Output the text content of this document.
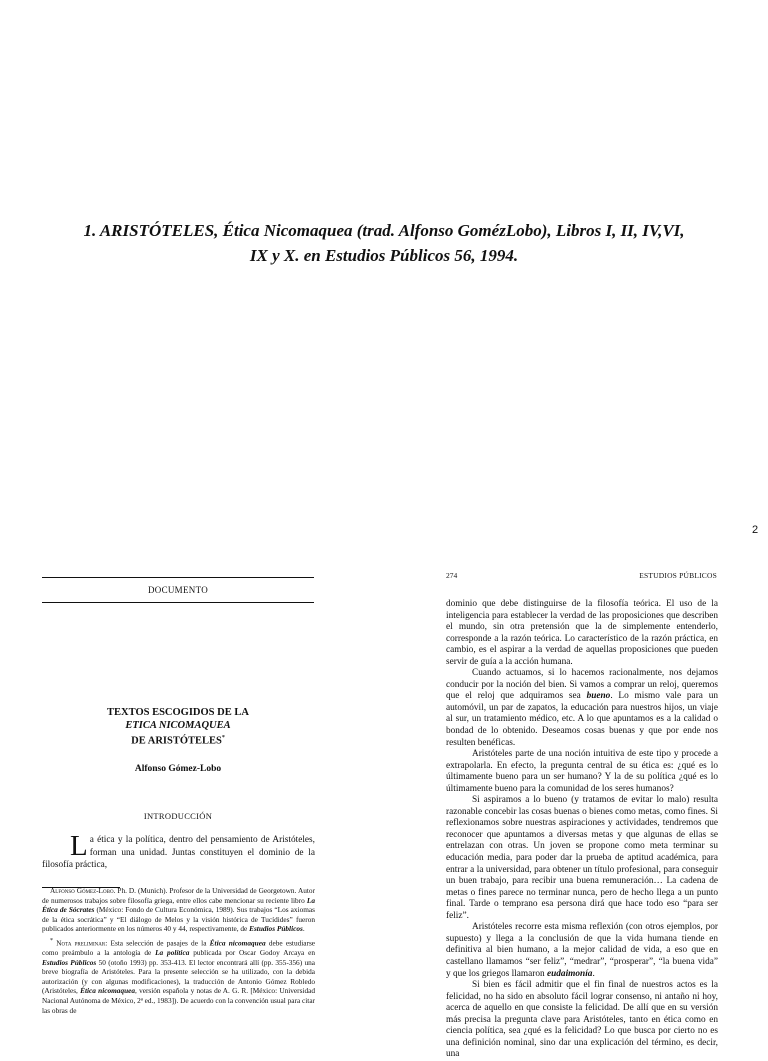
1. ARISTÓTELES, Ética Nicomaquea (trad. Alfonso GomézLobo), Libros I, II, IV,VI,
IX y X. en Estudios Públicos 56, 1994.
2
DOCUMENTO
TEXTOS ESCOGIDOS DE LA
ETICA NICOMAQUEA
DE ARISTÓTELES*
Alfonso Gómez-Lobo
INTRODUCCIÓN
La ética y la política, dentro del pensamiento de Aristóteles, forman una unidad. Juntas constituyen el dominio de la filosofía práctica,

Alfonso Gómez-Lobo. Ph. D. (Munich). Profesor de la Universidad de Georgetown. Autor de numerosos trabajos sobre filosofía griega, entre ellos cabe mencionar su reciente libro La Ética de Sócrates (México: Fondo de Cultura Económica, 1989). Sus trabajos “Los axiomas de la ética socrática” y “El diálogo de Melos y la visión histórica de Tucídides” fueron publicados anteriormente en los números 40 y 44, respectivamente, de Estudios Públicos.

* Nota preliminar: Esta selección de pasajes de la Ética nicomaquea debe estudiarse como preámbulo a la antología de La política publicada por Oscar Godoy Arcaya en Estudios Públicos 50 (otoño 1993) pp. 353-413. El lector encontrará allí (pp. 355-356) una breve biografía de Aristóteles. Para la presente selección se ha utilizado, con la debida autorización (y con algunas modificaciones), la traducción de Antonio Gómez Robledo (Aristóteles, Ética nicomaquea, versión española y notas de A. G. R. [México: Universidad Nacional Autónoma de México, 2ª ed., 1983]). De acuerdo con la convención usual para citar las obras de

274	ESTUDIOS PÚBLICOS

dominio que debe distinguirse de la filosofía teórica. El uso de la inteligencia para establecer la verdad de las proposiciones que describen el mundo, sin otra pretensión que la de simplemente entenderlo, corresponde a la razón teórica. Lo característico de la razón práctica, en cambio, es el aspirar a la verdad de aquellas proposiciones que pueden servir de guía a la acción humana.

Cuando actuamos, si lo hacemos racionalmente, nos dejamos conducir por la noción del bien. Si vamos a comprar un reloj, queremos que el reloj que adquiramos sea bueno. Lo mismo vale para un automóvil, un par de zapatos, la educación para nuestros hijos, un viaje al sur, un tratamiento médico, etc. A lo que apuntamos es a la calidad o bondad de lo obtenido. Deseamos cosas buenas y que por ende nos resulten benéficas.

Aristóteles parte de una noción intuitiva de este tipo y procede a extrapolarla. En efecto, la pregunta central de su ética es: ¿qué es lo últimamente bueno para un ser humano? Y la de su política ¿qué es lo últimamente bueno para la comunidad de los seres humanos?

Si aspiramos a lo bueno (y tratamos de evitar lo malo) resulta razonable concebir las cosas buenas o bienes como metas, como fines. Si reflexionamos sobre nuestras aspiraciones y actividades, tendremos que reconocer que apuntamos a diversas metas y que algunas de ellas se entrelazan con otras. Un joven se propone como meta terminar su educación media, para poder dar la prueba de aptitud académica, para entrar a la universidad, para obtener un título profesional, para conseguir un buen trabajo, para recibir una buena remuneración… La cadena de metas o fines parece no terminar nunca, pero de hecho llega a un punto final. Tarde o temprano esa persona dirá que hace todo eso “para ser feliz”.

Aristóteles recorre esta misma reflexión (con otros ejemplos, por supuesto) y llega a la conclusión de que la vida humana tiende en definitiva al bien humano, a la mejor calidad de vida, a eso que en castellano llamamos “ser feliz”, “medrar”, “prosperar”, “la buena vida” y que los griegos llamaron eudaimonía.

Si bien es fácil admitir que el fin final de nuestros actos es la felicidad, no ha sido en absoluto fácil lograr consenso, ni antaño ni hoy, acerca de aquello en que consiste la felicidad. De allí que en su versión más precisa la pregunta clave para Aristóteles, tanto en ética como en ciencia política, sea ¿qué es la felicidad? Lo que busca por cierto no es una definición nominal, sino dar una explicación del término, es decir, una
